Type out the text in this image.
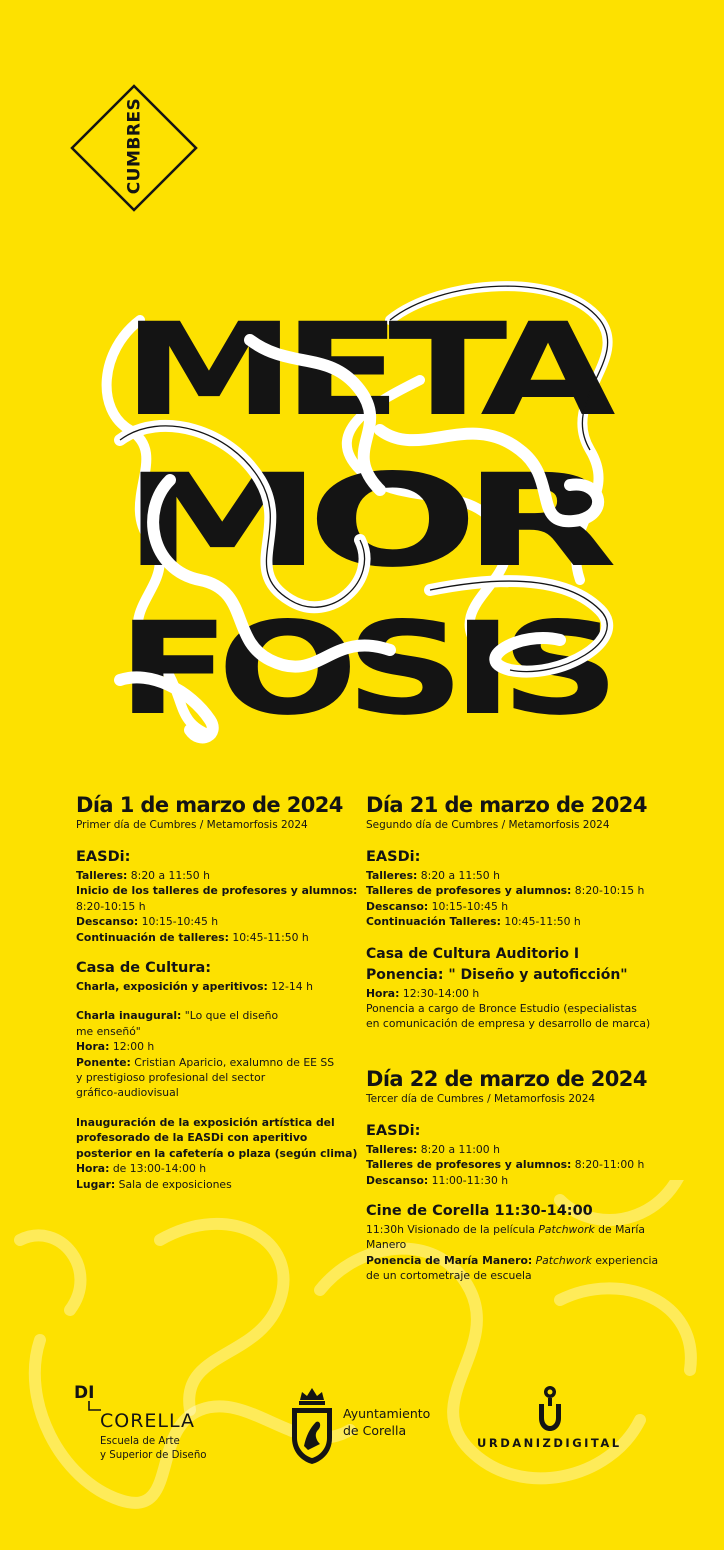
CUMBRES
META
MOR
FOSIS
Día 1 de marzo de 2024
Primer día de Cumbres / Metamorfosis 2024
EASDi:
Talleres: 8:20 a 11:50 h
Inicio de los talleres de profesores y alumnos:
8:20-10:15 h
Descanso: 10:15-10:45 h
Continuación de talleres: 10:45-11:50 h
Casa de Cultura:
Charla, exposición y aperitivos: 12-14 h
Charla inaugural: "Lo que el diseño
me enseñó"
Hora: 12:00 h
Ponente: Cristian Aparicio, exalumno de EE SS
y prestigioso profesional del sector
gráfico-audiovisual
Inauguración de la exposición artística del
profesorado de la EASDi con aperitivo
posterior en la cafetería o plaza (según clima)
Hora: de 13:00-14:00 h
Lugar: Sala de exposiciones
Día 21 de marzo de 2024
Segundo día de Cumbres / Metamorfosis 2024
EASDi:
Talleres: 8:20 a 11:50 h
Talleres de profesores y alumnos: 8:20-10:15 h
Descanso: 10:15-10:45 h
Continuación Talleres: 10:45-11:50 h
Casa de Cultura Auditorio I
Ponencia: " Diseño y autoficción"
Hora: 12:30-14:00 h
Ponencia a cargo de Bronce Estudio (especialistas
en comunicación de empresa y desarrollo de marca)
Día 22 de marzo de 2024
Tercer día de Cumbres / Metamorfosis 2024
EASDi:
Talleres: 8:20 a 11:00 h
Talleres de profesores y alumnos: 8:20-11:00 h
Descanso: 11:00-11:30 h
Cine de Corella 11:30-14:00
11:30h Visionado de la película Patchwork de María
Manero
Ponencia de María Manero: Patchwork experiencia
de un cortometraje de escuela
DI
CORELLA
Escuela de Arte
y Superior de Diseño
Ayuntamiento
de Corella
URDANIZDIGITAL
